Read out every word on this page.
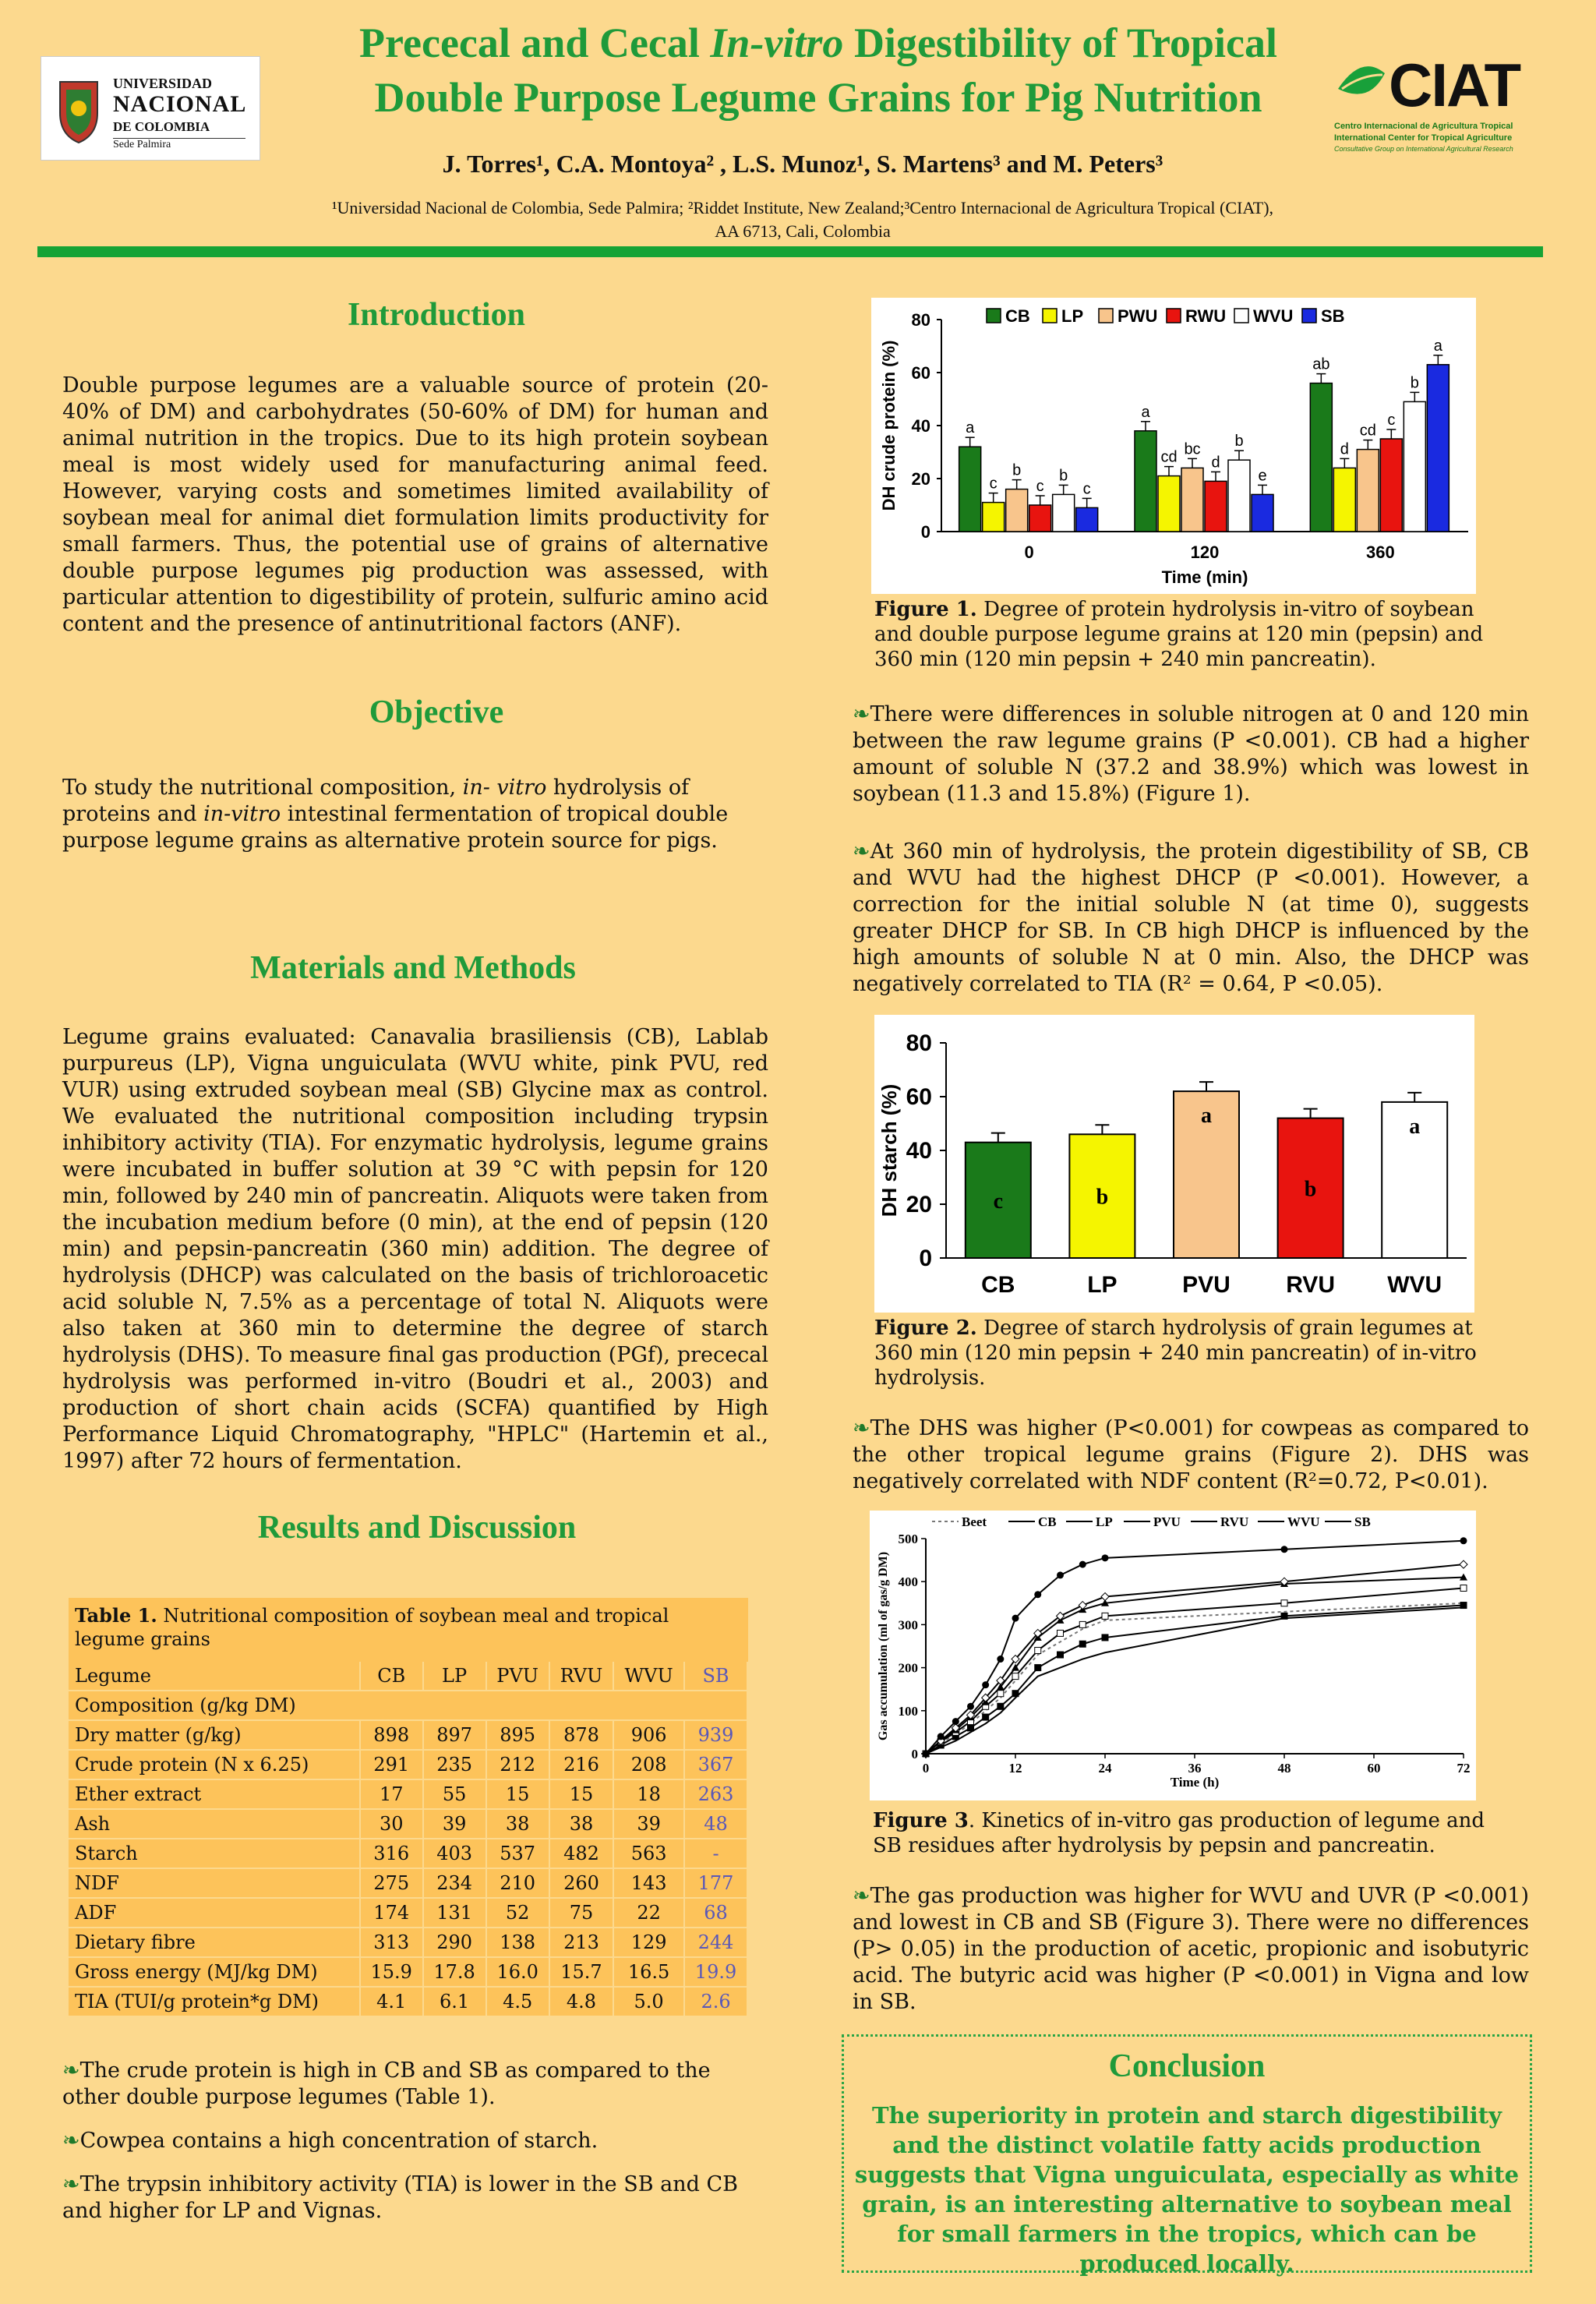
UNIVERSIDAD
NACIONAL
DE COLOMBIA
Sede Palmira
Prececal and Cecal In-vitro Digestibility of Tropical
Double Purpose Legume Grains for Pig Nutrition	CIAT
Centro Internacional de Agricultura Tropical
International Center for Tropical Agriculture
Consultative Group on International Agricultural Research
J. Torres¹, C.A. Montoya² , L.S. Munoz¹, S. Martens³ and M. Peters³
¹Universidad Nacional de Colombia, Sede Palmira; ²Riddet Institute, New Zealand;³Centro Internacional de Agricultura Tropical (CIAT),
AA 6713, Cali, Colombia
Introduction
Double purpose legumes are a valuable source of protein (20-40% of DM) and carbohydrates (50-60% of DM) for human and animal nutrition in the tropics. Due to its high protein soybean meal is most widely used for manufacturing animal feed. However, varying costs and sometimes limited availability of soybean meal for animal diet formulation limits productivity for small farmers. Thus, the potential use of grains of alternative double purpose legumes pig production was assessed, with particular attention to digestibility of protein, sulfuric amino acid content and the presence of antinutritional factors (ANF).
Objective
To study the nutritional composition, in- vitro hydrolysis of proteins and in-vitro intestinal fermentation of tropical double purpose legume grains as alternative protein source for pigs.
Materials and Methods
Legume grains evaluated: Canavalia brasiliensis (CB), Lablab purpureus (LP), Vigna unguiculata (WVU white, pink PVU, red VUR) using extruded soybean meal (SB) Glycine max as control. We evaluated the nutritional composition including trypsin inhibitory activity (TIA). For enzymatic hydrolysis, legume grains were incubated in buffer solution at 39 °C with pepsin for 120 min, followed by 240 min of pancreatin. Aliquots were taken from the incubation medium before (0 min), at the end of pepsin (120 min) and pepsin-pancreatin (360 min) addition. The degree of hydrolysis (DHCP) was calculated on the basis of trichloroacetic acid soluble N, 7.5% as a percentage of total N. Aliquots were also taken at 360 min to determine the degree of starch hydrolysis (DHS). To measure final gas production (PGf), prececal hydrolysis was performed in-vitro (Boudri et al., 2003) and production of short chain acids (SCFA) quantified by High Performance Liquid Chromatography, "HPLC" (Hartemin et al., 1997) after 72 hours of fermentation.
Results and Discussion
Table 1. Nutritional composition of soybean meal and tropical legume grains
Legume	CB	LP	PVU	RVU	WVU	SB
Composition (g/kg DM)						
Dry matter (g/kg)	898	897	895	878	906	939
Crude protein (N x 6.25)	291	235	212	216	208	367
Ether extract	17	55	15	15	18	263
Ash	30	39	38	38	39	48
Starch	316	403	537	482	563	-
NDF	275	234	210	260	143	177
ADF	174	131	52	75	22	68
Dietary fibre	313	290	138	213	129	244
Gross energy (MJ/kg DM)	15.9	17.8	16.0	15.7	16.5	19.9
TIA (TUI/g protein*g DM)	4.1	6.1	4.5	4.8	5.0	2.6
❧ The crude protein is high in CB and SB as compared to the other double purpose legumes (Table 1).
❧ Cowpea contains a high concentration of starch.
❧ The trypsin inhibitory activity (TIA) is lower in the SB and CB and higher for LP and Vignas.
0
20
40
60
80
DH crude protein (%)
Time (min)
a
c
b
c
b
c
0
a
cd bc
d
b
e
120
ab
d
cd
c
b
a
360
CB LP PWU RWU WVU SB
Figure 1. Degree of protein hydrolysis in-vitro of soybean and double purpose legume grains at 120 min (pepsin) and 360 min (120 min pepsin + 240 min pancreatin).
❧ There were differences in soluble nitrogen at 0 and 120 min between the raw legume grains (P <0.001). CB had a higher amount of soluble N (37.2 and 38.9%) which was lowest in soybean (11.3 and 15.8%) (Figure 1).
❧ At 360 min of hydrolysis, the protein digestibility of SB, CB and WVU had the highest DHCP (P <0.001). However, a correction for the initial soluble N (at time 0), suggests greater DHCP for SB. In CB high DHCP is influenced by the high amounts of soluble N at 0 min. Also, the DHCP was negatively correlated to TIA (R² = 0.64, P <0.05).
0
20
40
60
80
DH starch (%)	c
CB
b
LP
a
PVU
b
RVU
a
WVU
Figure 2. Degree of starch hydrolysis of grain legumes at 360 min (120 min pepsin + 240 min pancreatin) of in-vitro hydrolysis.
❧ The DHS was higher (P<0.001) for cowpeas as compared to the other tropical legume grains (Figure 2). DHS was negatively correlated with NDF content (R²=0.72, P<0.01).
0
100
200
300
400
500
0	12	24	36	48	60	72
Time (h)
Gas accumulation (ml of gas/g DM)
Beet	CB	LP	PVU	RVU	WVU	SB
Figure 3. Kinetics of in-vitro gas production of legume and SB residues after hydrolysis by pepsin and pancreatin.
❧ The gas production was higher for WVU and UVR (P <0.001) and lowest in CB and SB (Figure 3). There were no differences (P> 0.05) in the production of acetic, propionic and isobutyric acid. The butyric acid was higher (P <0.001) in Vigna and low in SB.
Conclusion
The superiority in protein and starch digestibility and the distinct volatile fatty acids production suggests that Vigna unguiculata, especially as white grain, is an interesting alternative to soybean meal for small farmers in the tropics, which can be produced locally.
